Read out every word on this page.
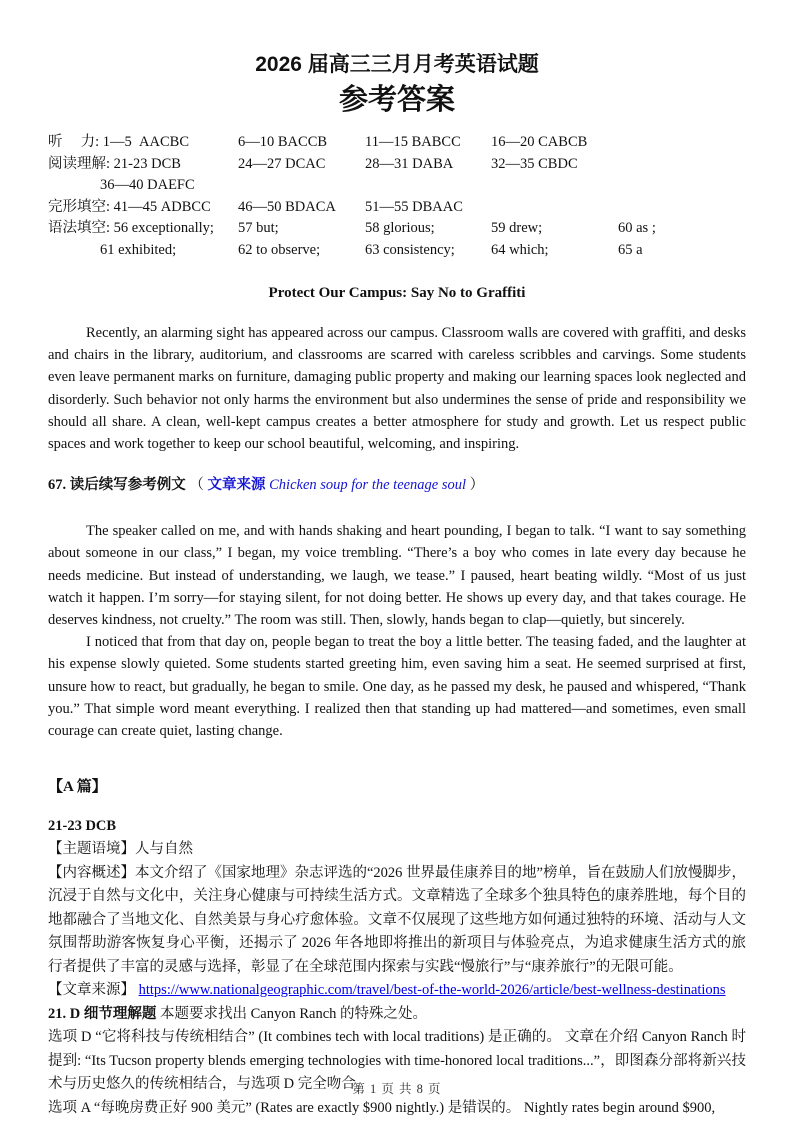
2026 届高三三月月考英语试题
参考答案
听　 力: 1—5  AACBC	6—10 BACCB	11—15 BABCC	16—20 CABCB
阅读理解: 21-23 DCB	24—27 DCAC	28—31 DABA	32—35 CBDC
36—40 DAEFC
完形填空: 41—45 ADBCC	46—50 BDACA	51—55 DBAAC
语法填空: 56 exceptionally;	57 but;	58 glorious;	59 drew;	60 as ;
61 exhibited;	62 to observe;	63 consistency;	64 which;	65 a
Protect Our Campus: Say No to Graffiti

Recently, an alarming sight has appeared across our campus. Classroom walls are covered with graffiti, and desks and chairs in the library, auditorium, and classrooms are scarred with careless scribbles and carvings. Some students even leave permanent marks on furniture, damaging public property and making our learning spaces look neglected and disorderly. Such behavior not only harms the environment but also undermines the sense of pride and responsibility we should all share. A clean, well-kept campus creates a better atmosphere for study and growth. Let us respect public spaces and work together to keep our school beautiful, welcoming, and inspiring.

67. 读后续写参考例文 （ 文章来源 Chicken soup for the teenage soul ）

The speaker called on me, and with hands shaking and heart pounding, I began to talk. “I want to say something about someone in our class,” I began, my voice trembling. “There’s a boy who comes in late every day because he needs medicine. But instead of understanding, we laugh, we tease.” I paused, heart beating wildly. “Most of us just watch it happen. I’m sorry—for staying silent, for not doing better. He shows up every day, and that takes courage. He deserves kindness, not cruelty.” The room was still. Then, slowly, hands began to clap—quietly, but sincerely.

I noticed that from that day on, people began to treat the boy a little better. The teasing faded, and the laughter at his expense slowly quieted. Some students started greeting him, even saving him a seat. He seemed surprised at first, unsure how to react, but gradually, he began to smile. One day, as he passed my desk, he paused and whispered, “Thank you.” That simple word meant everything. I realized then that standing up had mattered—and sometimes, even small courage can create quiet, lasting change.

【A 篇】
21-23 DCB

【主题语境】人与自然

【内容概述】本文介绍了《国家地理》杂志评选的“2026 世界最佳康养目的地”榜单，旨在鼓励人们放慢脚步，沉浸于自然与文化中，关注身心健康与可持续生活方式。文章精选了全球多个独具特色的康养胜地，每个目的地都融合了当地文化、自然美景与身心疗愈体验。文章不仅展现了这些地方如何通过独特的环境、活动与人文氛围帮助游客恢复身心平衡，还揭示了 2026 年各地即将推出的新项目与体验亮点，为追求健康生活方式的旅行者提供了丰富的灵感与选择，彰显了在全球范围内探索与实践“慢旅行”与“康养旅行”的无限可能。

【文章来源】 https://www.nationalgeographic.com/travel/best-of-the-world-2026/article/best-wellness-destinations

21. D 细节理解题 本题要求找出 Canyon Ranch 的特殊之处。

选项 D “它将科技与传统相结合” (It combines tech with local traditions) 是正确的。 文章在介绍 Canyon Ranch 时提到: “Its Tucson property blends emerging technologies with time-honored local traditions...”，即图森分部将新兴技术与历史悠久的传统相结合，与选项 D 完全吻合。

选项 A “每晚房费正好 900 美元” (Rates are exactly $900 nightly.) 是错误的。 Nightly rates begin around $900,

第 1 页 共 8 页
